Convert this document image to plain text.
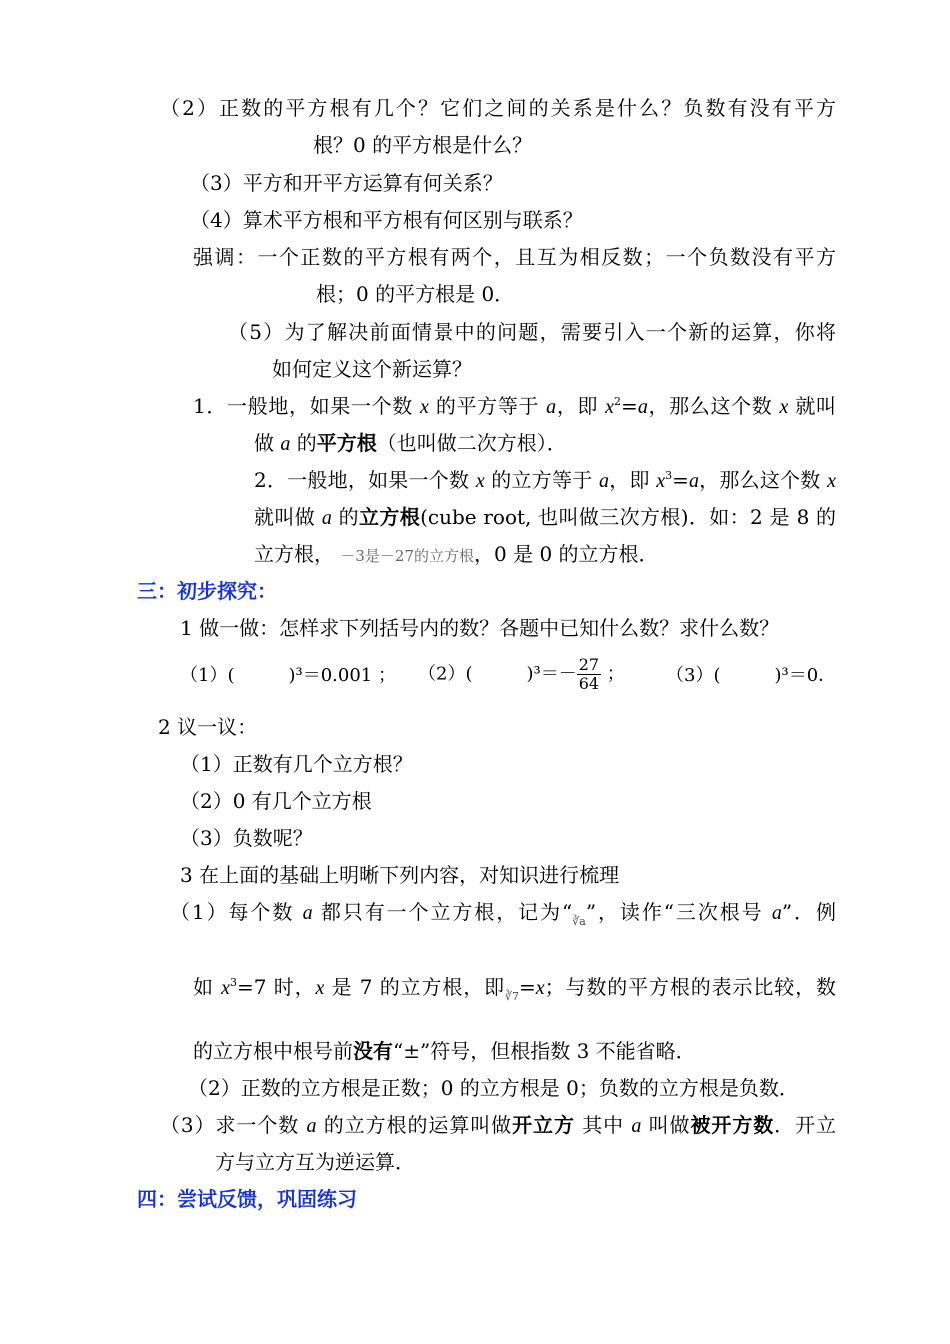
（2）正数的平方根有几个？它们之间的关系是什么？负数有没有平方
根？0 的平方根是什么？
（3）平方和开平方运算有何关系？
（4）算术平方根和平方根有何区别与联系？
强调：一个正数的平方根有两个，且互为相反数；一个负数没有平方
根；0 的平方根是 0．
（5）为了解决前面情景中的问题，需要引入一个新的运算，你将
如何定义这个新运算？
1．一般地，如果一个数 x 的平方等于 a，即 $x^2=a$，那么这个数 x 就叫
做 a 的平方根（也叫做二次方根）．
2．一般地，如果一个数 x 的立方等于 a，即 $x^3=a$，那么这个数 x
就叫做 a 的立方根(cube root, 也叫做三次方根)．如：2 是 8 的
立方根， －3是－27的立方根，0 是 0 的立方根．
三：初步探究：
1 做一做：怎样求下列括号内的数？各题中已知什么数？求什么数？
（1）(　　　)³＝0.001 ； （2）(　　　)$^3=- \frac{27}{64}$ ； （3）(　　　)³＝0．
2 议一议：
（1）正数有几个立方根？
（2）0 有几个立方根
（3）负数呢？
3 在上面的基础上明晰下列内容，对知识进行梳理
（1）每个数 a 都只有一个立方根，记为“∛a”，读作“三次根号 a”．例
如 $x^3=7$ 时，x 是 7 的立方根，即∛7=x；与数的平方根的表示比较，数
的立方根中根号前没有“±”符号，但根指数 3 不能省略．
（2）正数的立方根是正数；0 的立方根是 0；负数的立方根是负数．
（3）求一个数 a 的立方根的运算叫做开立方 其中 a 叫做被开方数．开立
方与立方互为逆运算．
四：尝试反馈，巩固练习
